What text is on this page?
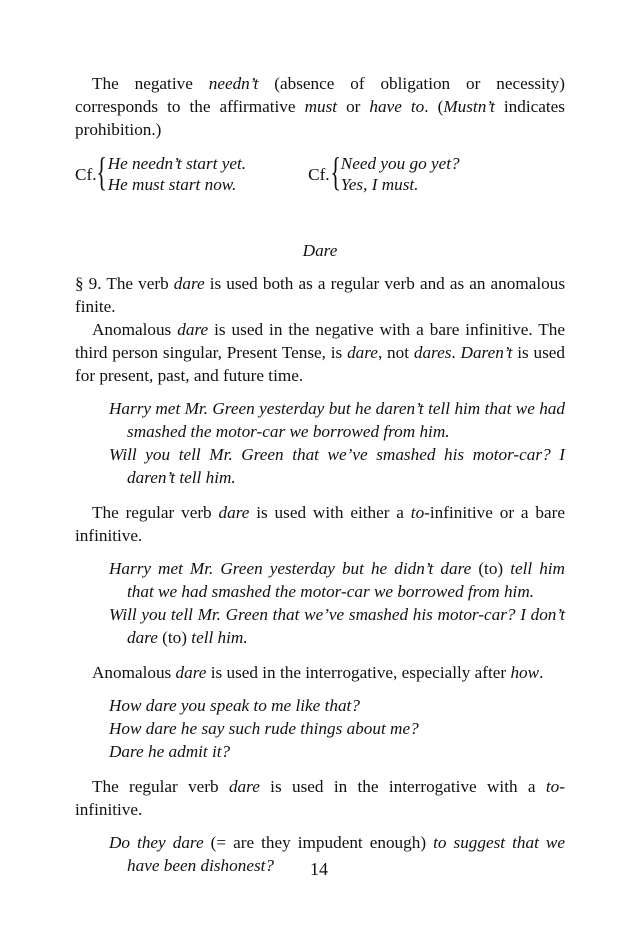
The negative needn’t (absence of obligation or necessity) corresponds to the affirmative must or have to. (Mustn’t indicates prohibition.)

Cf. { He needn’t start yet.
He must start now.
Cf. { Need you go yet?
Yes, I must.
Dare

§ 9. The verb dare is used both as a regular verb and as an anomalous finite.

Anomalous dare is used in the negative with a bare infinitive. The third person singular, Present Tense, is dare, not dares. Daren’t is used for present, past, and future time.

Harry met Mr. Green yesterday but he daren’t tell him that we had smashed the motor-car we borrowed from him.
Will you tell Mr. Green that we’ve smashed his motor-car? I daren’t tell him.

The regular verb dare is used with either a to-infinitive or a bare infinitive.

Harry met Mr. Green yesterday but he didn’t dare (to) tell him that we had smashed the motor-car we borrowed from him.
Will you tell Mr. Green that we’ve smashed his motor-car? I don’t dare (to) tell him.

Anomalous dare is used in the interrogative, especially after how.

How dare you speak to me like that?
How dare he say such rude things about me?
Dare he admit it?

The regular verb dare is used in the interrogative with a to-infinitive.

Do they dare (= are they impudent enough) to suggest that we have been dishonest?	14
